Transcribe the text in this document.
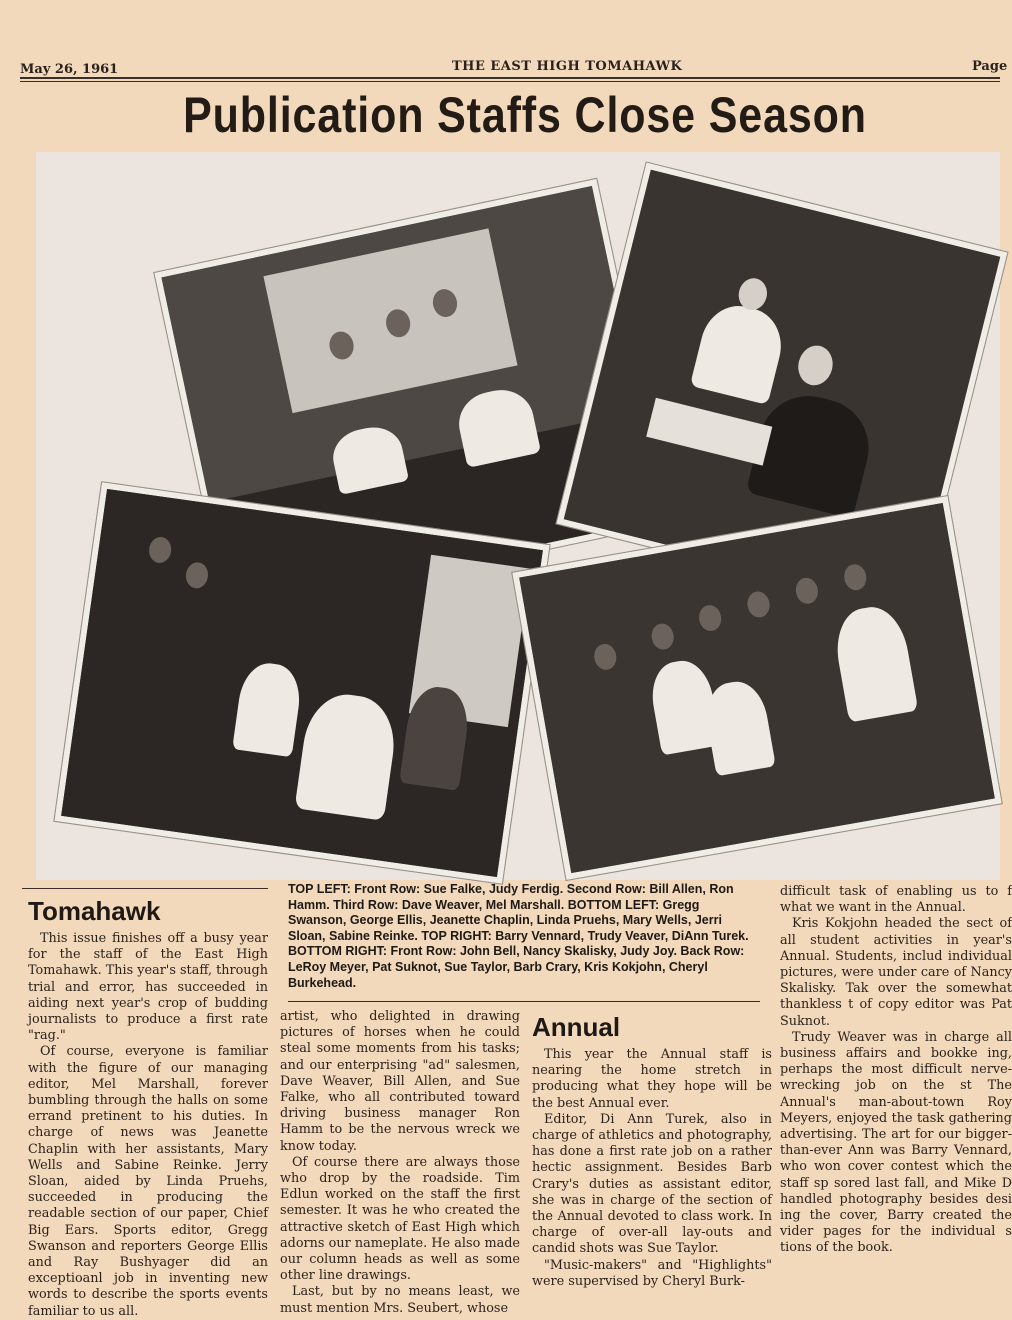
May 26, 1961	THE EAST HIGH TOMAHAWK	Page
Publication Staffs Close Season
TOP LEFT: Front Row: Sue Falke, Judy Ferdig. Second Row: Bill Allen, Ron Hamm. Third Row: Dave Weaver, Mel Marshall. BOTTOM LEFT: Gregg Swanson, George Ellis, Jeanette Chaplin, Linda Pruehs, Mary Wells, Jerri Sloan, Sabine Reinke. TOP RIGHT: Barry Vennard, Trudy Veaver, DiAnn Turek. BOTTOM RIGHT: Front Row: John Bell, Nancy Skalisky, Judy Joy. Back Row: LeRoy Meyer, Pat Suknot, Sue Taylor, Barb Crary, Kris Kokjohn, Cheryl Burkehead.
Tomahawk

This issue finishes off a busy year for the staff of the East High Tomahawk. This year's staff, through trial and error, has succeeded in aiding next year's crop of budding journalists to produce a first rate "rag."

Of course, everyone is familiar with the figure of our managing editor, Mel Marshall, forever bumbling through the halls on some errand pretinent to his duties. In charge of news was Jeanette Chaplin with her assistants, Mary Wells and Sabine Reinke. Jerry Sloan, aided by Linda Pruehs, succeeded in producing the readable section of our paper, Chief Big Ears. Sports editor, Gregg Swanson and reporters George Ellis and Ray Bushyager did an exceptioanl job in inventing new words to describe the sports events familiar to us all.

artist, who delighted in drawing pictures of horses when he could steal some moments from his tasks; and our enterprising "ad" salesmen, Dave Weaver, Bill Allen, and Sue Falke, who all contributed toward driving business manager Ron Hamm to be the nervous wreck we know today.

Of course there are always those who drop by the roadside. Tim Edlun worked on the staff the first semester. It was he who created the attractive sketch of East High which adorns our nameplate. He also made our column heads as well as some other line drawings.

Last, but by no means least, we must mention Mrs. Seubert, whose

Annual

This year the Annual staff is nearing the home stretch in producing what they hope will be the best Annual ever.

Editor, Di Ann Turek, also in charge of athletics and photography, has done a first rate job on a rather hectic assignment. Besides Barb Crary's duties as assistant editor, she was in charge of the section of the Annual devoted to class work. In charge of over-all lay-outs and candid shots was Sue Taylor.

"Music-makers" and "Highlights" were supervised by Cheryl Burk-

difficult task of enabling us to f what we want in the Annual.

Kris Kokjohn headed the sect of all student activities in year's Annual. Students, includ individual pictures, were under care of Nancy Skalisky. Tak over the somewhat thankless t of copy editor was Pat Suknot.

Trudy Weaver was in charge all business affairs and bookke ing, perhaps the most difficult nerve-wrecking job on the st The Annual's man-about-town Roy Meyers, enjoyed the task gathering advertising. The art for our bigger-than-ever Ann was Barry Vennard, who won cover contest which the staff sp sored last fall, and Mike D handled photography besides desi ing the cover, Barry created the vider pages for the individual s tions of the book.
